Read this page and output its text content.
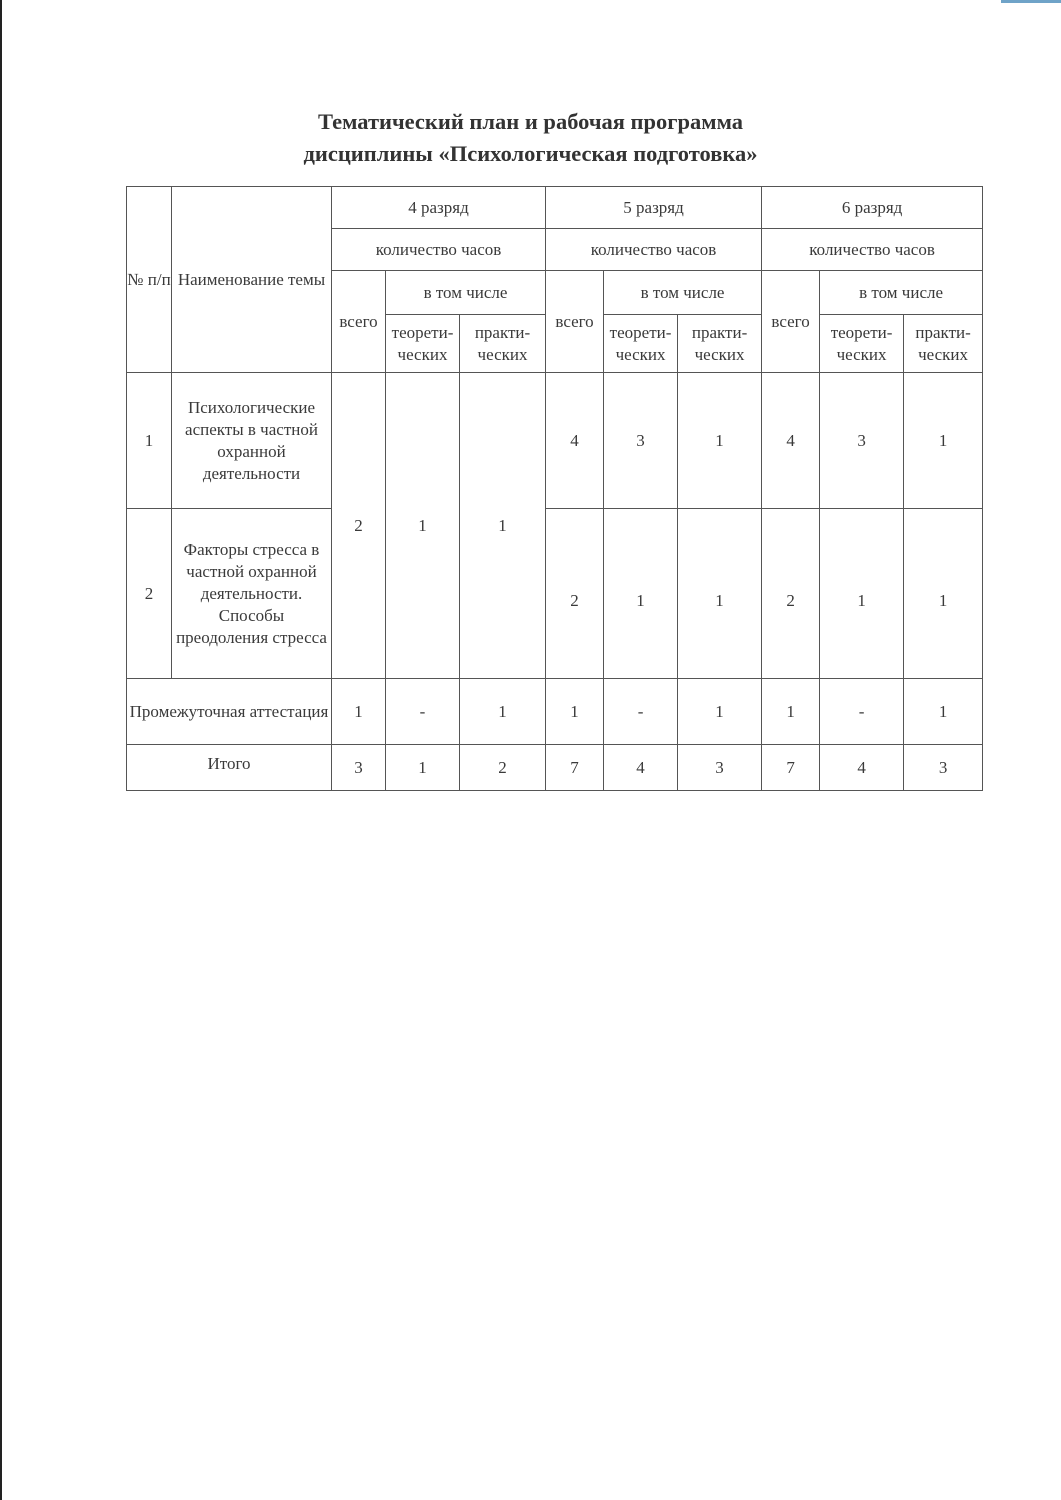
Тематический план и рабочая программа
дисциплины «Психологическая подготовка»
№ п/п	Наименование темы	4 разряд			5 разряд			6 разряд		
		количество часов			количество часов			количество часов		
		всего	в том числе		всего	в том числе		всего	в том числе	
			теорети-ческих	практи-ческих		теорети-ческих	практи-ческих		теорети-ческих	практи-ческих
1	Психологические аспекты в частной охранной деятельности	2	1	1	4	3	1	4	3	1
2	Факторы стресса в частной охранной деятельности. Способы преодоления стресса				2	1	1	2	1	1
Промежуточная аттестация		1	-	1	1	-	1	1	-	1
Итого		3	1	2	7	4	3	7	4	3
